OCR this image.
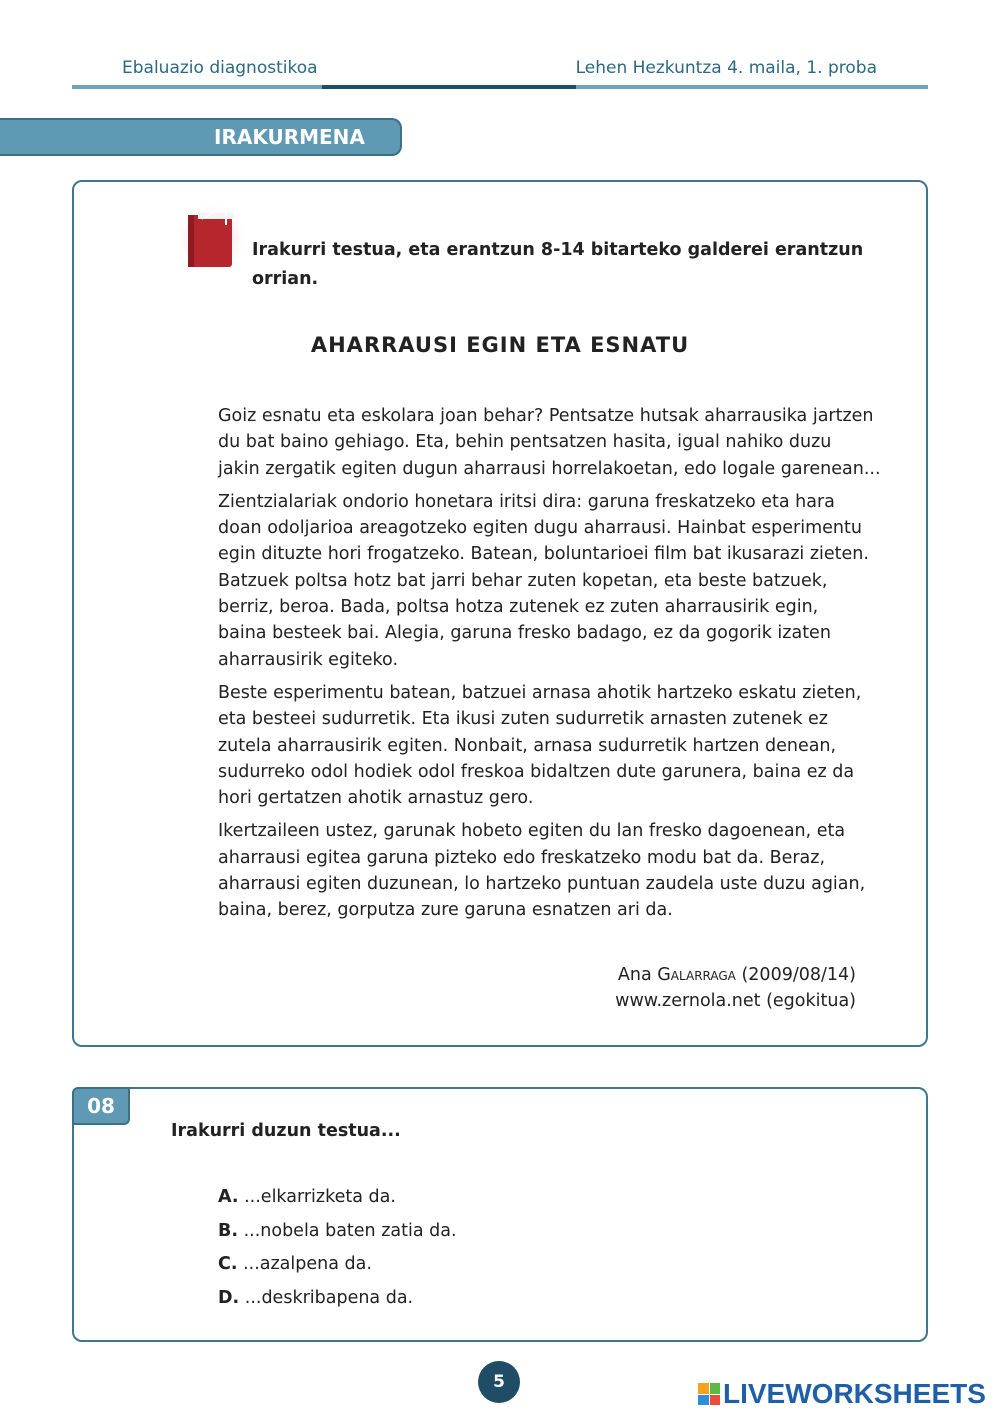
Ebaluazio diagnostikoa	Lehen Hezkuntza 4. maila, 1. proba
IRAKURMENA
Irakurri testua, eta erantzun 8-14 bitarteko galderei erantzun orrian.
AHARRAUSI EGIN ETA ESNATU

Goiz esnatu eta eskolara joan behar? Pentsatze hutsak aharrausika jartzen
du bat baino gehiago. Eta, behin pentsatzen hasita, igual nahiko duzu
jakin zergatik egiten dugun aharrausi horrelakoetan, edo logale garenean...

Zientzialariak ondorio honetara iritsi dira: garuna freskatzeko eta hara
doan odoljarioa areagotzeko egiten dugu aharrausi. Hainbat esperimentu
egin dituzte hori frogatzeko. Batean, boluntarioei film bat ikusarazi zieten.
Batzuek poltsa hotz bat jarri behar zuten kopetan, eta beste batzuek,
berriz, beroa. Bada, poltsa hotza zutenek ez zuten aharrausirik egin,
baina besteek bai. Alegia, garuna fresko badago, ez da gogorik izaten
aharrausirik egiteko.

Beste esperimentu batean, batzuei arnasa ahotik hartzeko eskatu zieten,
eta besteei sudurretik. Eta ikusi zuten sudurretik arnasten zutenek ez
zutela aharrausirik egiten. Nonbait, arnasa sudurretik hartzen denean,
sudurreko odol hodiek odol freskoa bidaltzen dute garunera, baina ez da
hori gertatzen ahotik arnastuz gero.

Ikertzaileen ustez, garunak hobeto egiten du lan fresko dagoenean, eta
aharrausi egitea garuna pizteko edo freskatzeko modu bat da. Beraz,
aharrausi egiten duzunean, lo hartzeko puntuan zaudela uste duzu agian,
baina, berez, gorputza zure garuna esnatzen ari da.

Ana Galarraga (2009/08/14)
www.zernola.net (egokitua)
08
Irakurri duzun testua...
A. ...elkarrizketa da.
B. ...nobela baten zatia da.
C. ...azalpena da.
D. ...deskribapena da.
5	LIVEWORKSHEETS
